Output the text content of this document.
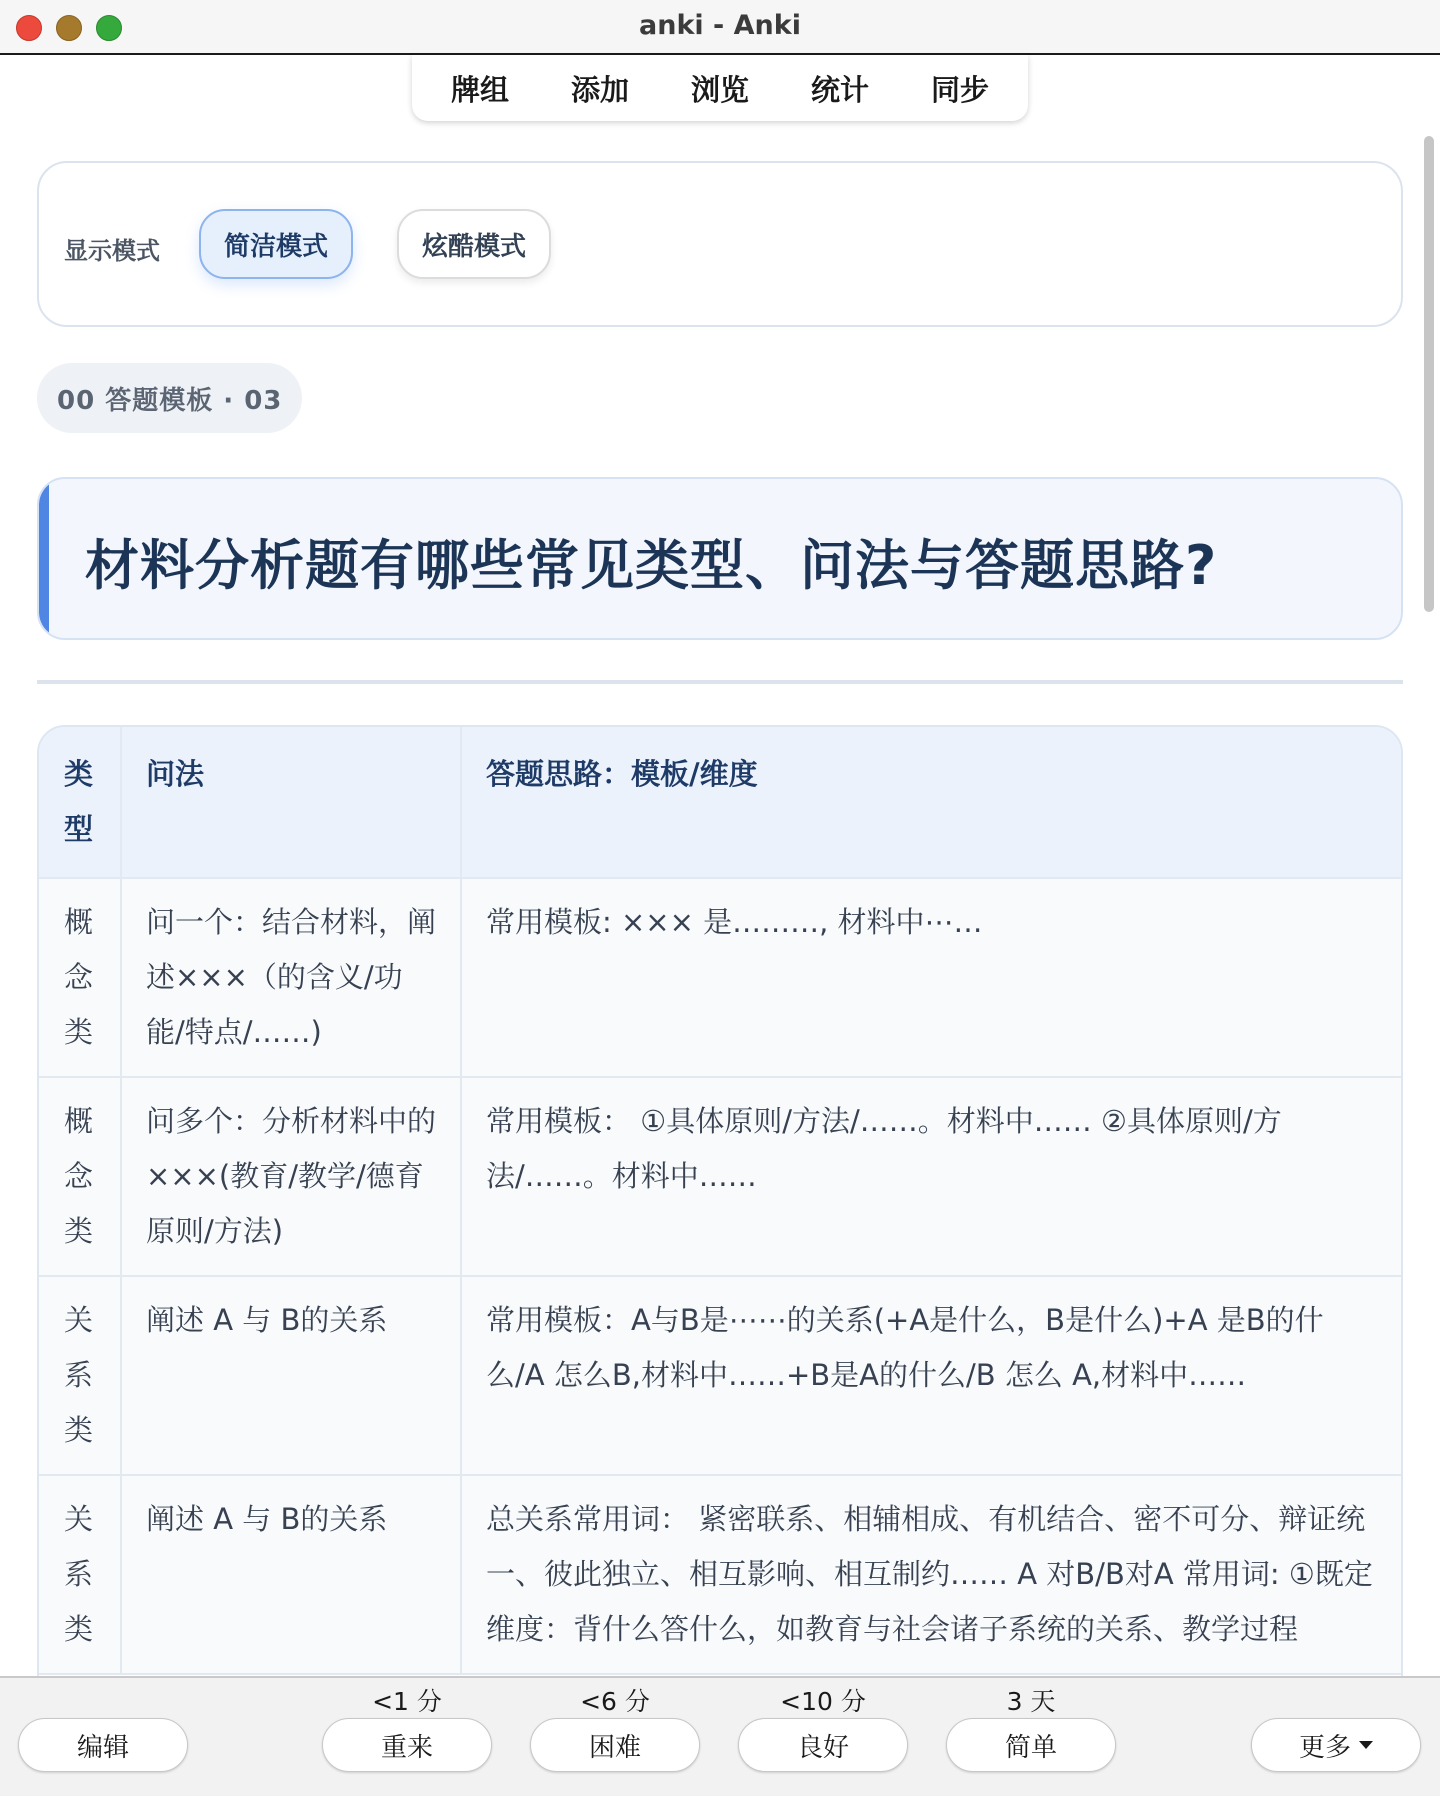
anki - Anki
牌组	添加	浏览	统计	同步
显示模式	简洁模式	炫酷模式
00 答题模板 · 03
材料分析题有哪些常见类型、问法与答题思路?
类型	问法	答题思路：模板/维度
概念类	问一个：结合材料，阐述×××（的含义/功能/特点/……)	常用模板: ××× 是………, 材料中⋯…
概念类	问多个：分析材料中的×××(教育/教学/德育原则/方法)	常用模板： ①具体原则/方法/……。材料中…… ②具体原则/方法/……。材料中……
关系类	阐述 A 与 B的关系	常用模板：A与B是⋯⋯的关系(+A是什么，B是什么)+A 是B的什么/A 怎么B,材料中……+B是A的什么/B 怎么 A,材料中……
关系类	阐述 A 与 B的关系	总关系常用词： 紧密联系、相辅相成、有机结合、密不可分、辩证统一、彼此独立、相互影响、相互制约…… A 对B/B对A 常用词: ①既定维度：背什么答什么，如教育与社会诸子系统的关系、教学过程
编辑
<1 分
重来
<6 分
困难
<10 分
良好
3 天
简单	更多
